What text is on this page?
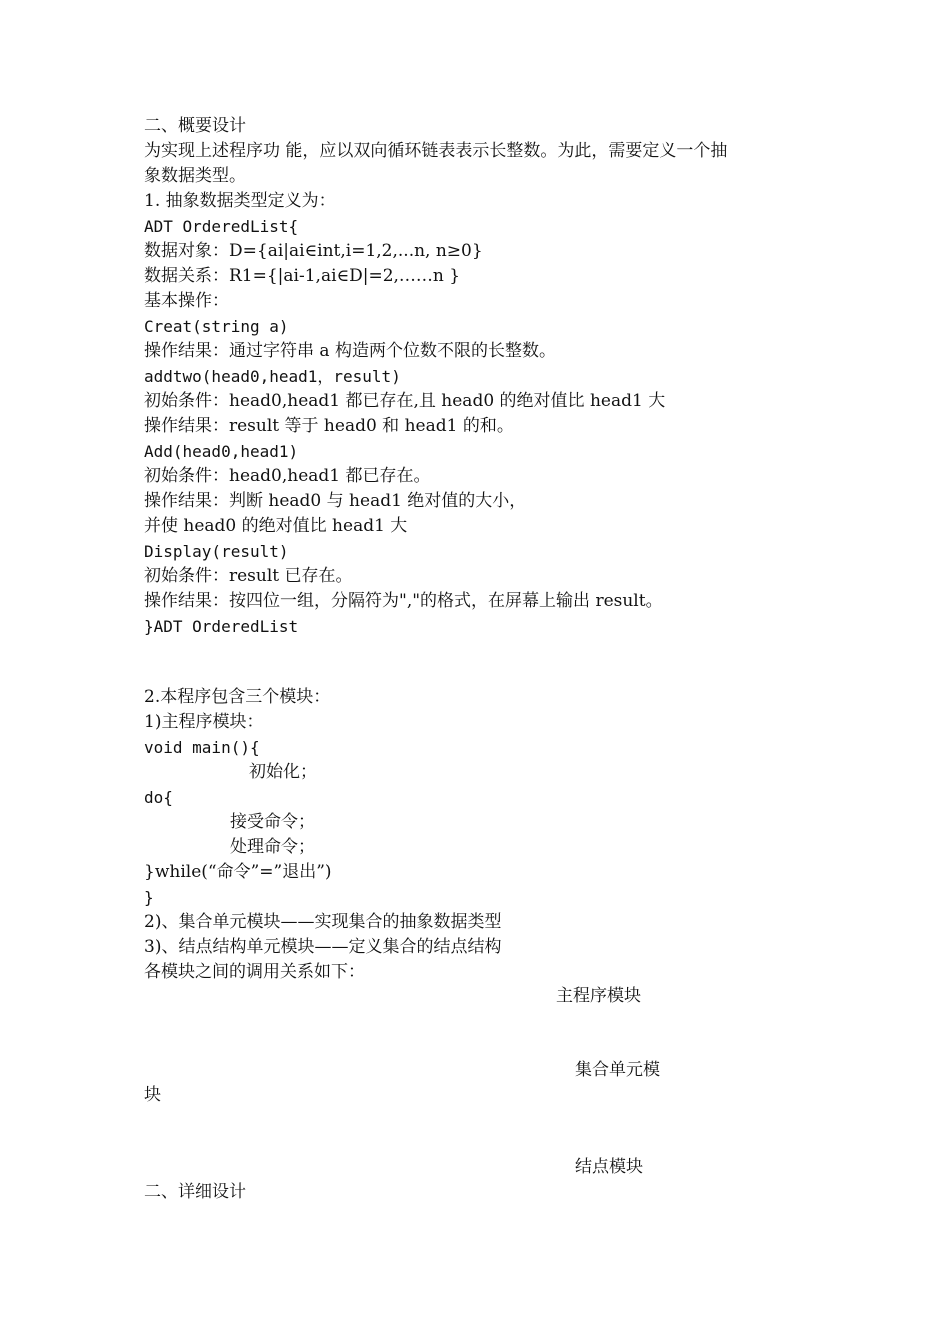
二、概要设计
为实现上述程序功 能，应以双向循环链表表示长整数。为此，需要定义一个抽
象数据类型。
1. 抽象数据类型定义为：
ADT OrderedList{
数据对象：D={ai|ai∈int,i=1,2,...n, n≥0}
数据关系：R1={|ai-1,ai∈D|=2,……n }
基本操作：
Creat(string a)
操作结果：通过字符串 a 构造两个位数不限的长整数。
addtwo(head0,head1，result)
初始条件：head0,head1 都已存在,且 head0 的绝对值比 head1 大
操作结果：result 等于 head0 和 head1 的和。
Add(head0,head1)
初始条件：head0,head1 都已存在。
操作结果：判断 head0 与 head1 绝对值的大小，
并使 head0 的绝对值比 head1 大
Display(result)
初始条件：result 已存在。
操作结果：按四位一组，分隔符为","的格式，在屏幕上输出 result。
}ADT OrderedList
2.本程序包含三个模块：
1)主程序模块：
void main(){
初始化；
do{
接受命令；
处理命令；
}while(“命令”=”退出”)
}
2)、集合单元模块——实现集合的抽象数据类型
3)、结点结构单元模块——定义集合的结点结构
各模块之间的调用关系如下：
主程序模块
集合单元模
块
结点模块
二、详细设计
